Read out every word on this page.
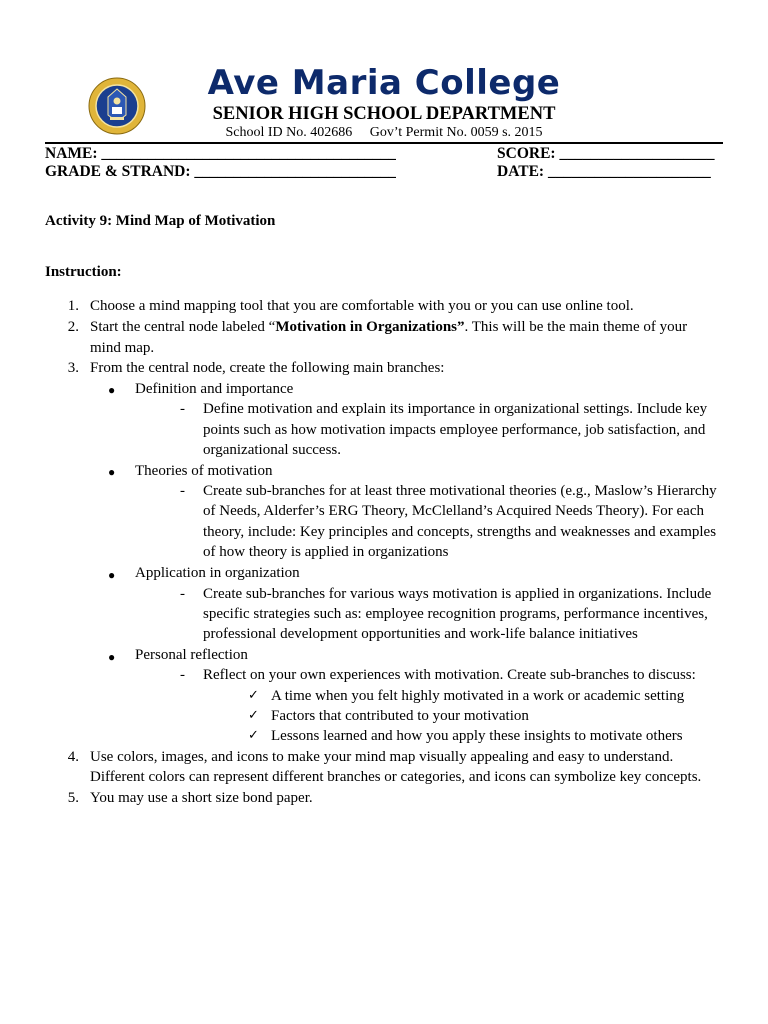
Ave Maria College
SENIOR HIGH SCHOOL DEPARTMENT
School ID No. 402686 Gov’t Permit No. 0059 s. 2015
NAME: ______________________________________	SCORE: ____________________
GRADE & STRAND: __________________________	DATE: _____________________
Activity 9: Mind Map of Motivation
Instruction:
1. Choose a mind mapping tool that you are comfortable with you or you can use online tool.
2. Start the central node labeled “Motivation in Organizations”. This will be the main theme of your
mind map.
3. From the central node, create the following main branches:
● Definition and importance
- Define motivation and explain its importance in organizational settings. Include key
points such as how motivation impacts employee performance, job satisfaction, and
organizational success.
● Theories of motivation
- Create sub-branches for at least three motivational theories (e.g., Maslow’s Hierarchy
of Needs, Alderfer’s ERG Theory, McClelland’s Acquired Needs Theory). For each
theory, include: Key principles and concepts, strengths and weaknesses and examples
of how theory is applied in organizations
● Application in organization
- Create sub-branches for various ways motivation is applied in organizations. Include
specific strategies such as: employee recognition programs, performance incentives,
professional development opportunities and work-life balance initiatives
● Personal reflection
- Reflect on your own experiences with motivation. Create sub-branches to discuss:
✓ A time when you felt highly motivated in a work or academic setting
✓ Factors that contributed to your motivation
✓ Lessons learned and how you apply these insights to motivate others
4. Use colors, images, and icons to make your mind map visually appealing and easy to understand.
Different colors can represent different branches or categories, and icons can symbolize key concepts.
5. You may use a short size bond paper.
